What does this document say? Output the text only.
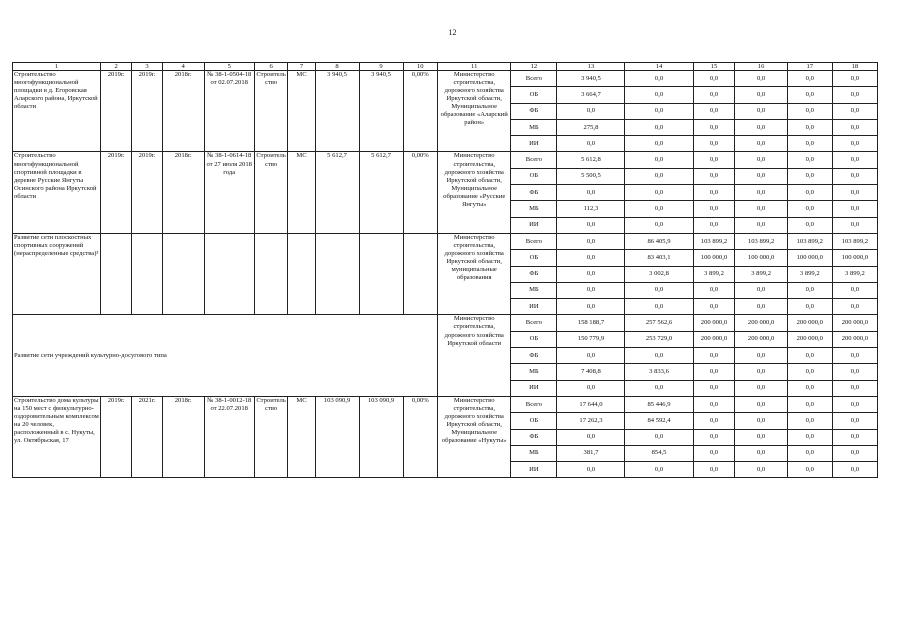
12
1	2	3	4	5	6	7	8	9	10	11	12	13	14	15	16	17	18
Строительство многофункциональной площадки в д. Егоровская Аларского района, Иркутской области	2019г.	2019г.	2018г.	№ 38-1-0504-18 от 02.07.2018	Строительство	МС	3 940,5	3 940,5	0,00%	Министерство строительства, дорожного хозяйства Иркутской области, Муниципальное образование «Аларский район»	Всего	3 940,5	0,0	0,0	0,0	0,0	0,0
											ОБ	3 664,7	0,0	0,0	0,0	0,0	0,0
											ФБ	0,0	0,0	0,0	0,0	0,0	0,0
											МБ	275,8	0,0	0,0	0,0	0,0	0,0
											ИИ	0,0	0,0	0,0	0,0	0,0	0,0
Строительство многофункциональной спортивной площадки в деревне Русские Янгуты Осинского района Иркутской области	2019г.	2019г.	2018г.	№ 38-1-0614-18 от 27 июля 2018 года	Строительство	МС	5 612,7	5 612,7	0,00%	Министерство строительства, дорожного хозяйства Иркутской области, Муниципальное образование «Русские Янгуты»	Всего	5 612,8	0,0	0,0	0,0	0,0	0,0
											ОБ	5 500,5	0,0	0,0	0,0	0,0	0,0
											ФБ	0,0	0,0	0,0	0,0	0,0	0,0
											МБ	112,3	0,0	0,0	0,0	0,0	0,0
											ИИ	0,0	0,0	0,0	0,0	0,0	0,0
Развитие сети плоскостных спортивных сооружений (нераспределенные средства)³										Министерство строительства, дорожного хозяйства Иркутской области, муниципальные образования	Всего	0,0	86 405,9	103 899,2	103 899,2	103 899,2	103 899,2
											ОБ	0,0	83 403,1	100 000,0	100 000,0	100 000,0	100 000,0
											ФБ	0,0	3 002,8	3 899,2	3 899,2	3 899,2	3 899,2
											МБ	0,0	0,0	0,0	0,0	0,0	0,0
											ИИ	0,0	0,0	0,0	0,0	0,0	0,0
Развитие сети учреждений культурно-досугового типа										Министерство строительства, дорожного хозяйства Иркутской области	Всего	158 188,7	257 562,6	200 000,0	200 000,0	200 000,0	200 000,0
											ОБ	150 779,9	253 729,0	200 000,0	200 000,0	200 000,0	200 000,0
											ФБ	0,0	0,0	0,0	0,0	0,0	0,0
											МБ	7 408,8	3 833,6	0,0	0,0	0,0	0,0
											ИИ	0,0	0,0	0,0	0,0	0,0	0,0
Строительство дома культуры на 150 мест с физкультурно-оздоровительным комплексом на 20 человек, расположенный в с. Нукуты, ул. Октябрьская, 17	2019г.	2021г.	2018г.	№ 38-1-0012-18 от 22.07.2018	Строительство	МС	103 090,9	103 090,9	0,00%	Министерство строительства, дорожного хозяйства Иркутской области, Муниципальное образование «Нукуты»	Всего	17 644,0	85 446,9	0,0	0,0	0,0	0,0
											ОБ	17 262,3	84 592,4	0,0	0,0	0,0	0,0
											ФБ	0,0	0,0	0,0	0,0	0,0	0,0
											МБ	381,7	854,5	0,0	0,0	0,0	0,0
											ИИ	0,0	0,0	0,0	0,0	0,0	0,0
